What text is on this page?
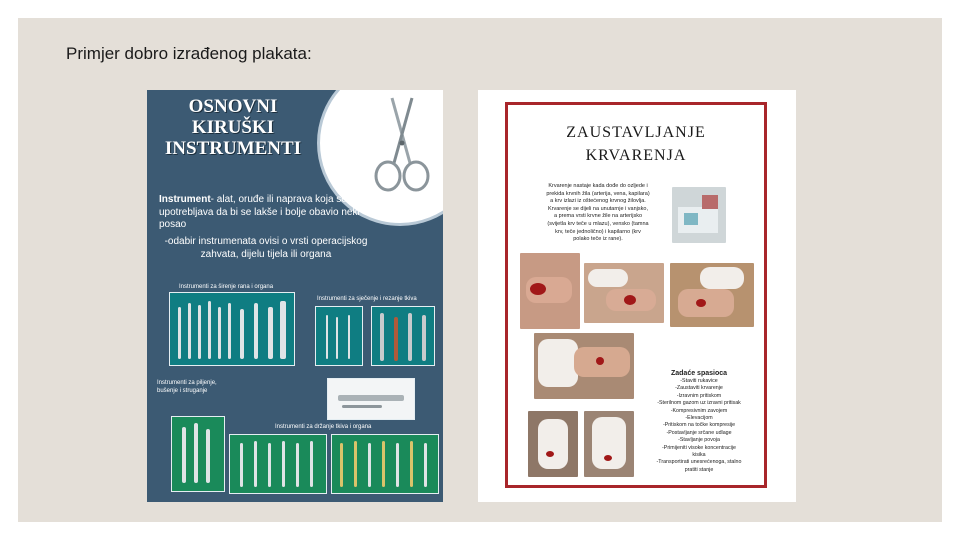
Primjer dobro izrađenog plakata:
OSNOVNI
KIRUŠKI
INSTRUMENTI
Instrument- alat, oruđe ili naprava koja se upotrebljava da bi se lakše i bolje obavio neki posao
-odabir instrumenata ovisi o vrsti operacijskog zahvata, dijelu tijela ili organa
Instrumenti za širenje rana i organa
Instrumenti za sječenje i rezanje tkiva
Instrumenti za piljenje, bušenje i struganje
Instrumenti za držanje tkiva i organa
ZAUSTAVLJANJE
KRVARENJA
Krvarenje nastaje kada dođe do ozljede i
prekida krvnih žila (arterija, vena, kapilara)
a krv izlazi iz oštećenog krvnog žilovlja.
Krvarenje se dijeli na unutarnje i vanjsko,
a prema vrsti krvne žile na arterijsko
(svijetla krv teče u mlazu), vensko (tamna
krv, teče jednolično) i kapilarno (krv
polako teče iz rane).
Zadaće spasioca
-Staviti rukavice
-Zaustaviti krvarenje
-Izravnim pritiskom
-Sterilnom gazom uz izravni pritisak
-Kompresivnim zavojem
-Elevacijom
-Pritiskom na točke kompresije
-Postavljanje srčane udlage
-Stavljanje povoja
-Primijeniti visoke koncentracije
kisika
-Transportirati unesrećenoga, stalno
pratiti stanje
